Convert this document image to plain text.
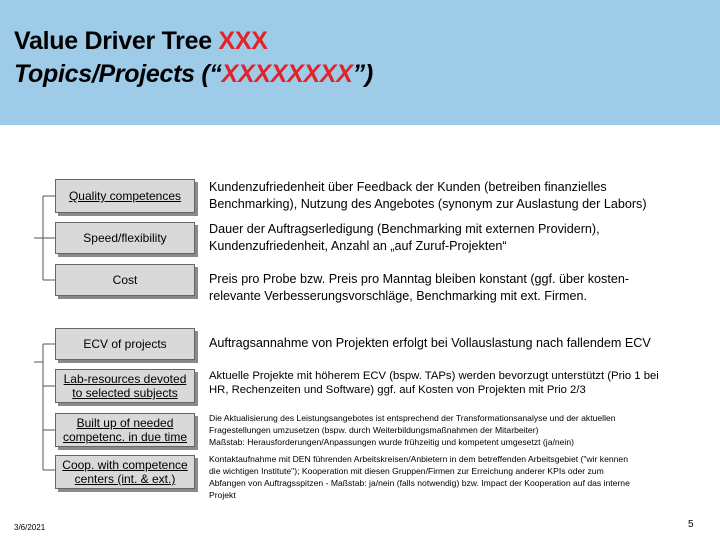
Value Driver Tree XXX
Topics/Projects (“XXXXXXXX”)
Quality competences
Speed/flexibility
Cost
ECV of projects
Lab-resources devoted to selected subjects
Built up of needed competenc. in due time
Coop. with competence centers (int. & ext.)
Kundenzufriedenheit über Feedback der Kunden (betreiben finanzielles
Benchmarking), Nutzung des Angebotes (synonym zur Auslastung der Labors)
Dauer der Auftragserledigung (Benchmarking mit externen Providern),
Kundenzufriedenheit, Anzahl an „auf Zuruf-Projekten“
Preis pro Probe bzw. Preis pro Manntag bleiben konstant (ggf. über kosten-
relevante Verbesserungsvorschläge, Benchmarking mit ext. Firmen.
Auftragsannahme von Projekten erfolgt bei Vollauslastung nach fallendem ECV
Aktuelle Projekte mit höherem ECV (bspw. TAPs) werden bevorzugt unterstützt (Prio 1 bei
HR, Rechenzeiten und Software) ggf. auf Kosten von Projekten mit Prio 2/3
Die Aktualisierung des Leistungsangebotes ist entsprechend der Transformationsanalyse und der aktuellen
Fragestellungen umzusetzen (bspw. durch Weiterbildungsmaßnahmen der Mitarbeiter)
Maßstab: Herausforderungen/Anpassungen wurde frühzeitig und kompetent umgesetzt (ja/nein)
Kontaktaufnahme mit DEN führenden Arbeitskreisen/Anbietern in dem betreffenden Arbeitsgebiet ("wir kennen
die wichtigen Institute"); Kooperation mit diesen Gruppen/Firmen zur Erreichung anderer KPIs oder zum
Abfangen von Auftragsspitzen - Maßstab: ja/nein (falls notwendig) bzw. Impact der Kooperation auf das interne
Projekt
3/6/2021	5
